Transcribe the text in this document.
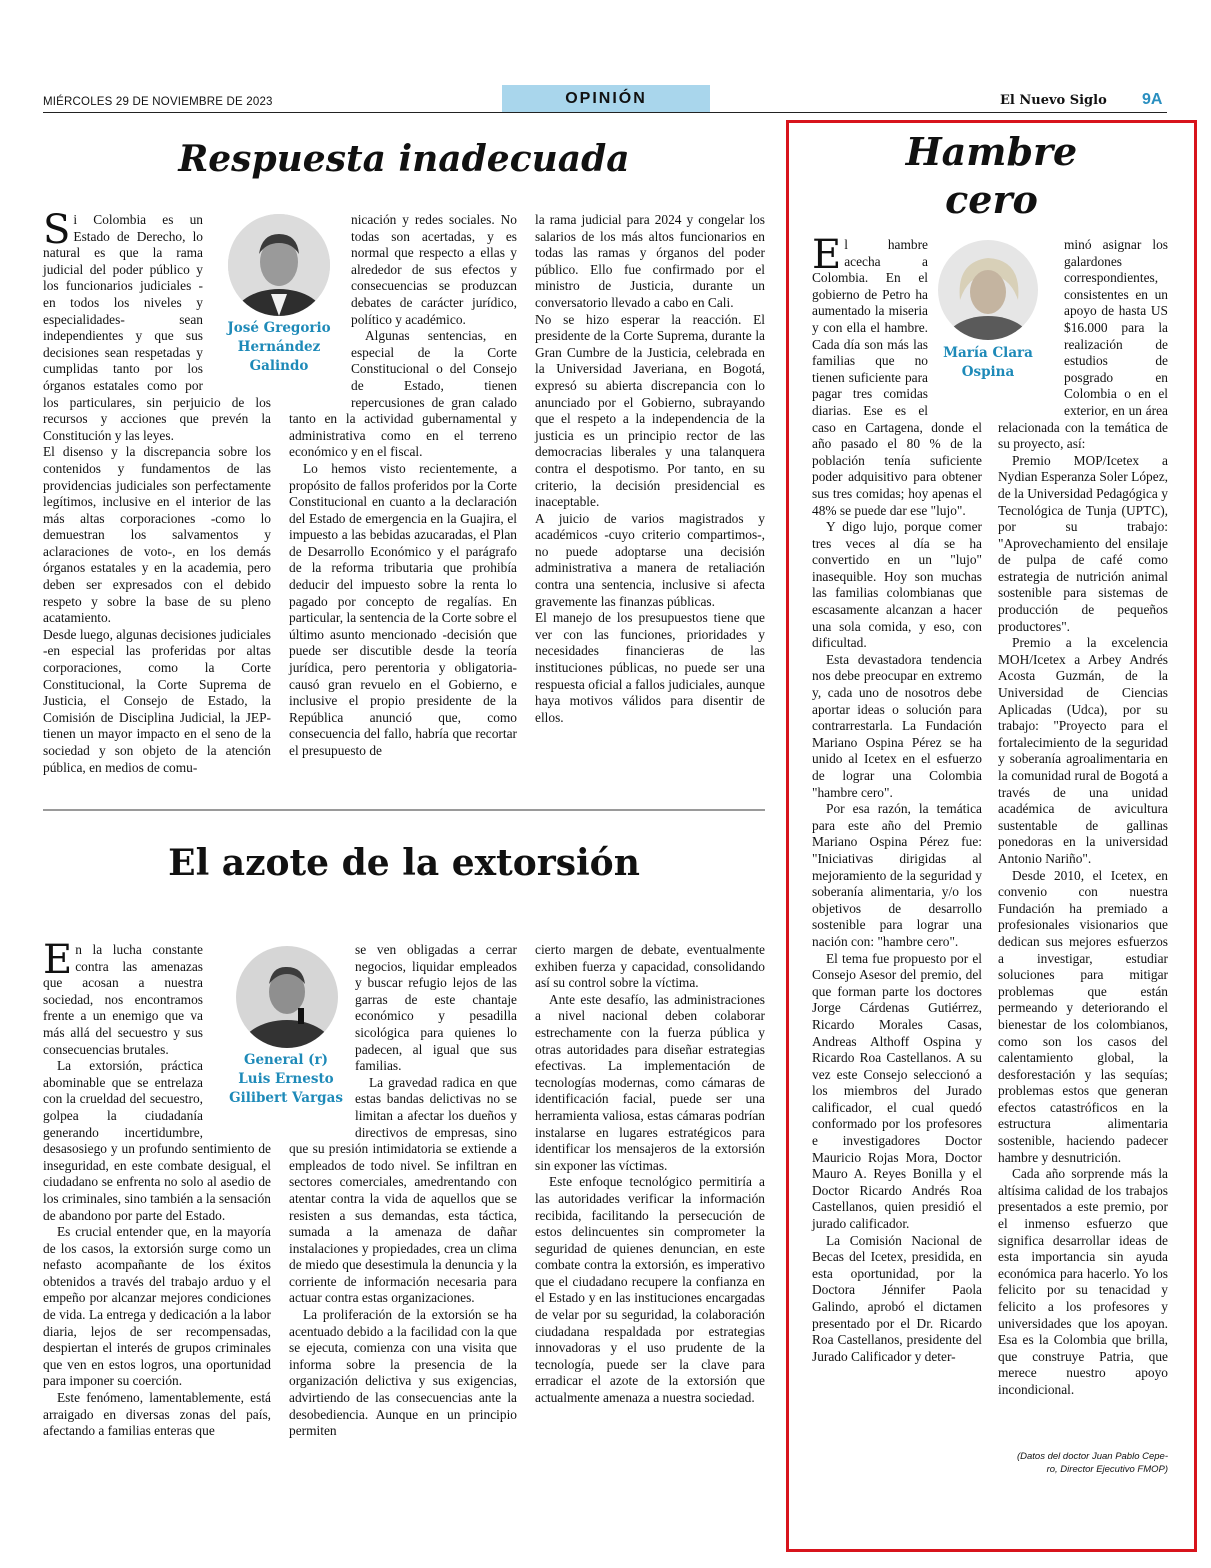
MIÉRCOLES 29 DE NOVIEMBRE DE 2023	OPINIÓN	El Nuevo Siglo 9A
Respuesta inadecuada
José Gregorio
Hernández
Galindo

Si Colombia es un Estado de Derecho, lo natural es que la rama judicial del poder público y los funcionarios judiciales -en todos los niveles y especialidades- sean independientes y que sus decisiones sean respetadas y cumplidas tanto por los órganos estatales como por los particulares, sin perjuicio de los recursos y acciones que prevén la Constitución y las leyes.

El disenso y la discrepancia sobre los contenidos y fundamentos de las providencias judiciales son perfectamente legítimos, inclusive en el interior de las más altas corporaciones -como lo demuestran los salvamentos y aclaraciones de voto-, en los demás órganos estatales y en la academia, pero deben ser expresados con el debido respeto y sobre la base de su pleno acatamiento.

Desde luego, algunas decisiones judiciales -en especial las proferidas por altas corporaciones, como la Corte Constitucional, la Corte Suprema de Justicia, el Consejo de Estado, la Comisión de Disciplina Judicial, la JEP- tienen un mayor impacto en el seno de la sociedad y son objeto de la atención pública, en medios de comu-

nicación y redes sociales. No todas son acertadas, y es normal que respecto a ellas y alrededor de sus efectos y consecuencias se produzcan debates de carácter jurídico, político y académico.

Algunas sentencias, en especial de la Corte Constitucional o del Consejo de Estado, tienen repercusiones de gran calado tanto en la actividad gubernamental y administrativa como en el terreno económico y en el fiscal.

Lo hemos visto recientemente, a propósito de fallos proferidos por la Corte Constitucional en cuanto a la declaración del Estado de emergencia en la Guajira, el impuesto a las bebidas azucaradas, el Plan de Desarrollo Económico y el parágrafo de la reforma tributaria que prohibía deducir del impuesto sobre la renta lo pagado por concepto de regalías. En particular, la sentencia de la Corte sobre el último asunto mencionado -decisión que puede ser discutible desde la teoría jurídica, pero perentoria y obligatoria- causó gran revuelo en el Gobierno, e inclusive el propio presidente de la República anunció que, como consecuencia del fallo, habría que recortar el presupuesto de

la rama judicial para 2024 y congelar los salarios de los más altos funcionarios en todas las ramas y órganos del poder público. Ello fue confirmado por el ministro de Justicia, durante un conversatorio llevado a cabo en Cali.

No se hizo esperar la reacción. El presidente de la Corte Suprema, durante la Gran Cumbre de la Justicia, celebrada en la Universidad Javeriana, en Bogotá, expresó su abierta discrepancia con lo anunciado por el Gobierno, subrayando que el respeto a la independencia de la justicia es un principio rector de las democracias liberales y una talanquera contra el despotismo. Por tanto, en su criterio, la decisión presidencial es inaceptable.

A juicio de varios magistrados y académicos -cuyo criterio compartimos-, no puede adoptarse una decisión administrativa a manera de retaliación contra una sentencia, inclusive si afecta gravemente las finanzas públicas.

El manejo de los presupuestos tiene que ver con las funciones, prioridades y necesidades financieras de las instituciones públicas, no puede ser una respuesta oficial a fallos judiciales, aunque haya motivos válidos para disentir de ellos.

El azote de la extorsión
General (r)
Luis Ernesto
Gilibert Vargas

En la lucha constante contra las amenazas que acosan a nuestra sociedad, nos encontramos frente a un enemigo que va más allá del secuestro y sus consecuencias brutales.

La extorsión, práctica abominable que se entrelaza con la crueldad del secuestro, golpea la ciudadanía generando incertidumbre, desasosiego y un profundo sentimiento de inseguridad, en este combate desigual, el ciudadano se enfrenta no solo al asedio de los criminales, sino también a la sensación de abandono por parte del Estado.

Es crucial entender que, en la mayoría de los casos, la extorsión surge como un nefasto acompañante de los éxitos obtenidos a través del trabajo arduo y el empeño por alcanzar mejores condiciones de vida. La entrega y dedicación a la labor diaria, lejos de ser recompensadas, despiertan el interés de grupos criminales que ven en estos logros, una oportunidad para imponer su coerción.

Este fenómeno, lamentablemente, está arraigado en diversas zonas del país, afectando a familias enteras que

se ven obligadas a cerrar negocios, liquidar empleados y buscar refugio lejos de las garras de este chantaje económico y pesadilla sicológica para quienes lo padecen, al igual que sus familias.

La gravedad radica en que estas bandas delictivas no se limitan a afectar los dueños y directivos de empresas, sino que su presión intimidatoria se extiende a empleados de todo nivel. Se infiltran en sectores comerciales, amedrentando con atentar contra la vida de aquellos que se resisten a sus demandas, esta táctica, sumada a la amenaza de dañar instalaciones y propiedades, crea un clima de miedo que desestimula la denuncia y la corriente de información necesaria para actuar contra estas organizaciones.

La proliferación de la extorsión se ha acentuado debido a la facilidad con la que se ejecuta, comienza con una visita que informa sobre la presencia de la organización delictiva y sus exigencias, advirtiendo de las consecuencias ante la desobediencia. Aunque en un principio permiten

cierto margen de debate, eventualmente exhiben fuerza y capacidad, consolidando así su control sobre la víctima.

Ante este desafío, las administraciones a nivel nacional deben colaborar estrechamente con la fuerza pública y otras autoridades para diseñar estrategias efectivas. La implementación de tecnologías modernas, como cámaras de identificación facial, puede ser una herramienta valiosa, estas cámaras podrían instalarse en lugares estratégicos para identificar los mensajeros de la extorsión sin exponer las víctimas.

Este enfoque tecnológico permitiría a las autoridades verificar la información recibida, facilitando la persecución de estos delincuentes sin comprometer la seguridad de quienes denuncian, en este combate contra la extorsión, es imperativo que el ciudadano recupere la confianza en el Estado y en las instituciones encargadas de velar por su seguridad, la colaboración ciudadana respaldada por estrategias innovadoras y el uso prudente de la tecnología, puede ser la clave para erradicar el azote de la extorsión que actualmente amenaza a nuestra sociedad.

Hambre
cero
María Clara
Ospina

El hambre acecha a Colombia. En el gobierno de Petro ha aumentado la miseria y con ella el hambre. Cada día son más las familias que no tienen suficiente para pagar tres comidas diarias. Ese es el caso en Cartagena, donde el año pasado el 80 % de la población tenía suficiente poder adquisitivo para obtener sus tres comidas; hoy apenas el 48% se puede dar ese "lujo".

Y digo lujo, porque comer tres veces al día se ha convertido en un "lujo" inasequible. Hoy son muchas las familias colombianas que escasamente alcanzan a hacer una sola comida, y eso, con dificultad.

Esta devastadora tendencia nos debe preocupar en extremo y, cada uno de nosotros debe aportar ideas o solución para contrarrestarla. La Fundación Mariano Ospina Pérez se ha unido al Icetex en el esfuerzo de lograr una Colombia "hambre cero".

Por esa razón, la temática para este año del Premio Mariano Ospina Pérez fue: "Iniciativas dirigidas al mejoramiento de la seguridad y soberanía alimentaria, y/o los objetivos de desarrollo sostenible para lograr una nación con: "hambre cero".

El tema fue propuesto por el Consejo Asesor del premio, del que forman parte los doctores Jorge Cárdenas Gutiérrez, Ricardo Morales Casas, Andreas Althoff Ospina y Ricardo Roa Castellanos. A su vez este Consejo seleccionó a los miembros del Jurado calificador, el cual quedó conformado por los profesores e investigadores Doctor Mauricio Rojas Mora, Doctor Mauro A. Reyes Bonilla y el Doctor Ricardo Andrés Roa Castellanos, quien presidió el jurado calificador.

La Comisión Nacional de Becas del Icetex, presidida, en esta oportunidad, por la Doctora Jénnifer Paola Galindo, aprobó el dictamen presentado por el Dr. Ricardo Roa Castellanos, presidente del Jurado Calificador y deter-

minó asignar los galardones correspondientes, consistentes en un apoyo de hasta US $16.000 para la realización de estudios de posgrado en Colombia o en el exterior, en un área relacionada con la temática de su proyecto, así:

Premio MOP/Icetex a Nydian Esperanza Soler López, de la Universidad Pedagógica y Tecnológica de Tunja (UPTC), por su trabajo: "Aprovechamiento del ensilaje de pulpa de café como estrategia de nutrición animal sostenible para sistemas de producción de pequeños productores".

Premio a la excelencia MOH/Icetex a Arbey Andrés Acosta Guzmán, de la Universidad de Ciencias Aplicadas (Udca), por su trabajo: "Proyecto para el fortalecimiento de la seguridad y soberanía agroalimentaria en la comunidad rural de Bogotá a través de una unidad académica de avicultura sustentable de gallinas ponedoras en la universidad Antonio Nariño".

Desde 2010, el Icetex, en convenio con nuestra Fundación ha premiado a profesionales visionarios que dedican sus mejores esfuerzos a investigar, estudiar soluciones para mitigar problemas que están permeando y deteriorando el bienestar de los colombianos, como son los casos del calentamiento global, la desforestación y las sequías; problemas estos que generan efectos catastróficos en la estructura alimentaria sostenible, haciendo padecer hambre y desnutrición.

Cada año sorprende más la altísima calidad de los trabajos presentados a este premio, por el inmenso esfuerzo que significa desarrollar ideas de esta importancia sin ayuda económica para hacerlo. Yo los felicito por su tenacidad y felicito a los profesores y universidades que los apoyan. Esa es la Colombia que brilla, que construye Patria, que merece nuestro apoyo incondicional.

(Datos del doctor Juan Pablo Cepe-
ro, Director Ejecutivo FMOP)
